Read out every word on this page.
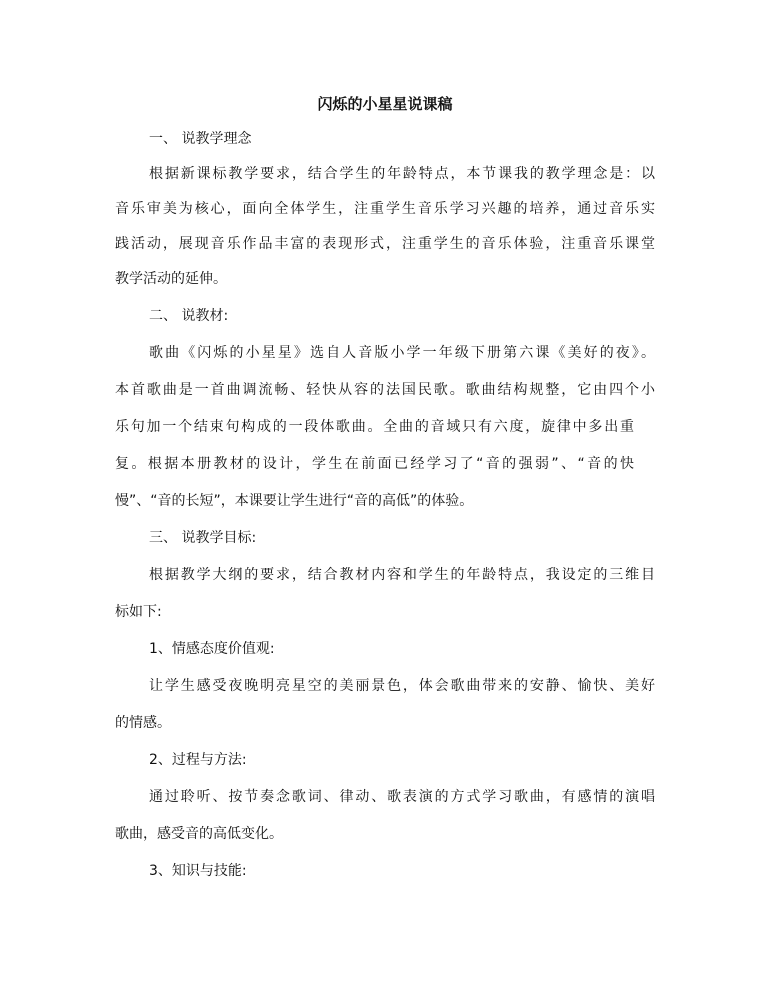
闪烁的小星星说课稿
一、 说教学理念
根据新课标教学要求，结合学生的年龄特点，本节课我的教学理念是：以
音乐审美为核心，面向全体学生，注重学生音乐学习兴趣的培养，通过音乐实
践活动，展现音乐作品丰富的表现形式，注重学生的音乐体验，注重音乐课堂
教学活动的延伸。
二、 说教材:
歌曲《闪烁的小星星》选自人音版小学一年级下册第六课《美好的夜》。
本首歌曲是一首曲调流畅、轻快从容的法国民歌。歌曲结构规整，它由四个小
乐句加一个结束句构成的一段体歌曲。全曲的音域只有六度，旋律中多出重
复。根据本册教材的设计，学生在前面已经学习了“音的强弱”、“音的快
慢”、“音的长短”，本课要让学生进行“音的高低”的体验。
三、 说教学目标:
根据教学大纲的要求，结合教材内容和学生的年龄特点，我设定的三维目
标如下:
1、情感态度价值观:
让学生感受夜晚明亮星空的美丽景色，体会歌曲带来的安静、愉快、美好
的情感。
2、过程与方法:
通过聆听、按节奏念歌词、律动、歌表演的方式学习歌曲，有感情的演唱
歌曲，感受音的高低变化。
3、知识与技能:
